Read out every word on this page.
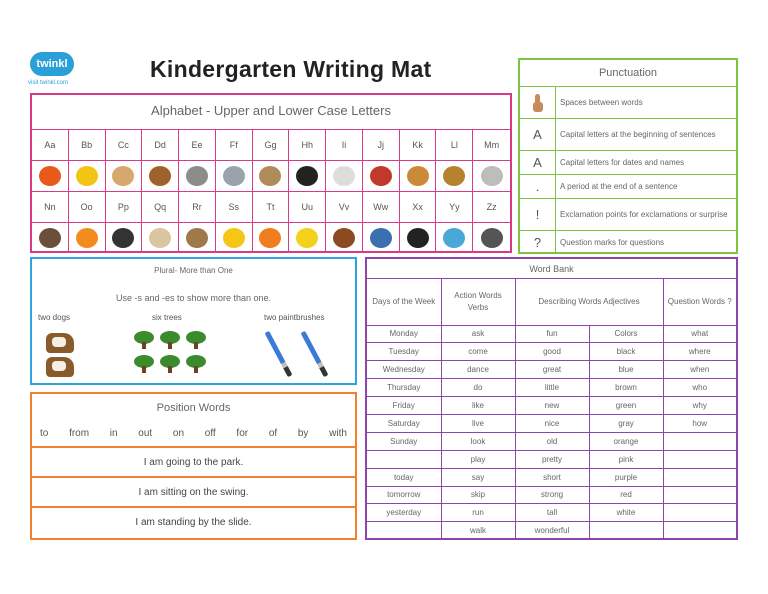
twinkl
visit twinkl.com
Kindergarten Writing Mat
Alphabet - Upper and Lower Case Letters
Aa	Bb	Cc	Dd	Ee	Ff	Gg	Hh	Ii	Jj	Kk	Ll	Mm
Nn	Oo	Pp	Qq	Rr	Ss	Tt	Uu	Vv	Ww	Xx	Yy	Zz
Punctuation
Spaces between words
A	Capital letters at the beginning of sentences
A	Capital letters for dates and names
.	A period at the end of a sentence
!	Exclamation points for exclamations or surprise
?	Question marks for questions
Plural- More than One
Use -s and -es to show more than one.
two dogs	six trees	two paintbrushes
Position Words
to from in out on off for of by with
I am going to the park.
I am sitting on the swing.
I am standing by the slide.
Word Bank
Days of the Week	Action Words Verbs	Describing Words Adjectives		Question Words ?
Monday	ask	fun	Colors	what
Tuesday	come	good	black	where
Wednesday	dance	great	blue	when
Thursday	do	little	brown	who
Friday	like	new	green	why
Saturday	live	nice	gray	how
Sunday	look	old	orange	
	play	pretty	pink	
today	say	short	purple	
tomorrow	skip	strong	red	
yesterday	run	tall	white	
	walk	wonderful		
